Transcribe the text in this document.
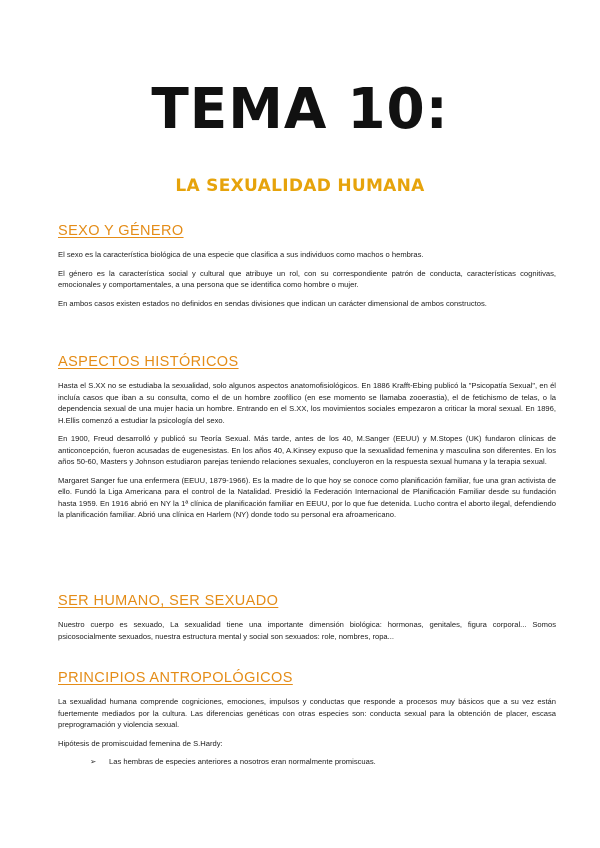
TEMA 10:
LA SEXUALIDAD HUMANA
SEXO Y GÉNERO

El sexo es la característica biológica de una especie que clasifica a sus individuos como machos o hembras.

El género es la característica social y cultural que atribuye un rol, con su correspondiente patrón de conducta, características cognitivas, emocionales y comportamentales, a una persona que se identifica como hombre o mujer.

En ambos casos existen estados no definidos en sendas divisiones que indican un carácter dimensional de ambos constructos.

ASPECTOS HISTÓRICOS

Hasta el S.XX no se estudiaba la sexualidad, solo algunos aspectos anatomofisiológicos. En 1886 Krafft-Ebing publicó la "Psicopatía Sexual", en él incluía casos que iban a su consulta, como el de un hombre zoofílico (en ese momento se llamaba zooerastia), el de fetichismo de telas, o la dependencia sexual de una mujer hacia un hombre. Entrando en el S.XX, los movimientos sociales empezaron a criticar la moral sexual. En 1896, H.Ellis comenzó a estudiar la psicología del sexo.

En 1900, Freud desarrolló y publicó su Teoría Sexual. Más tarde, antes de los 40, M.Sanger (EEUU) y M.Stopes (UK) fundaron clínicas de anticoncepción, fueron acusadas de eugenesistas. En los años 40, A.Kinsey expuso que la sexualidad femenina y masculina son diferentes. En los años 50-60, Masters y Johnson estudiaron parejas teniendo relaciones sexuales, concluyeron en la respuesta sexual humana y la terapia sexual.

Margaret Sanger fue una enfermera (EEUU, 1879-1966). Es la madre de lo que hoy se conoce como planificación familiar, fue una gran activista de ello. Fundó la Liga Americana para el control de la Natalidad. Presidió la Federación Internacional de Planificación Familiar desde su fundación hasta 1959. En 1916 abrió en NY la 1ª clínica de planificación familiar en EEUU, por lo que fue detenida. Lucho contra el aborto ilegal, defendiendo la planificación familiar. Abrió una clínica en Harlem (NY) donde todo su personal era afroamericano.

SER HUMANO, SER SEXUADO

Nuestro cuerpo es sexuado, La sexualidad tiene una importante dimensión biológica: hormonas, genitales, figura corporal... Somos psicosocialmente sexuados, nuestra estructura mental y social son sexuados: role, nombres, ropa...

PRINCIPIOS ANTROPOLÓGICOS

La sexualidad humana comprende cogniciones, emociones, impulsos y conductas que responde a procesos muy básicos que a su vez están fuertemente mediados por la cultura. Las diferencias genéticas con otras especies son: conducta sexual para la obtención de placer, escasa preprogramación y violencia sexual.

Hipótesis de promiscuidad femenina de S.Hardy:

➢	Las hembras de especies anteriores a nosotros eran normalmente promiscuas.
